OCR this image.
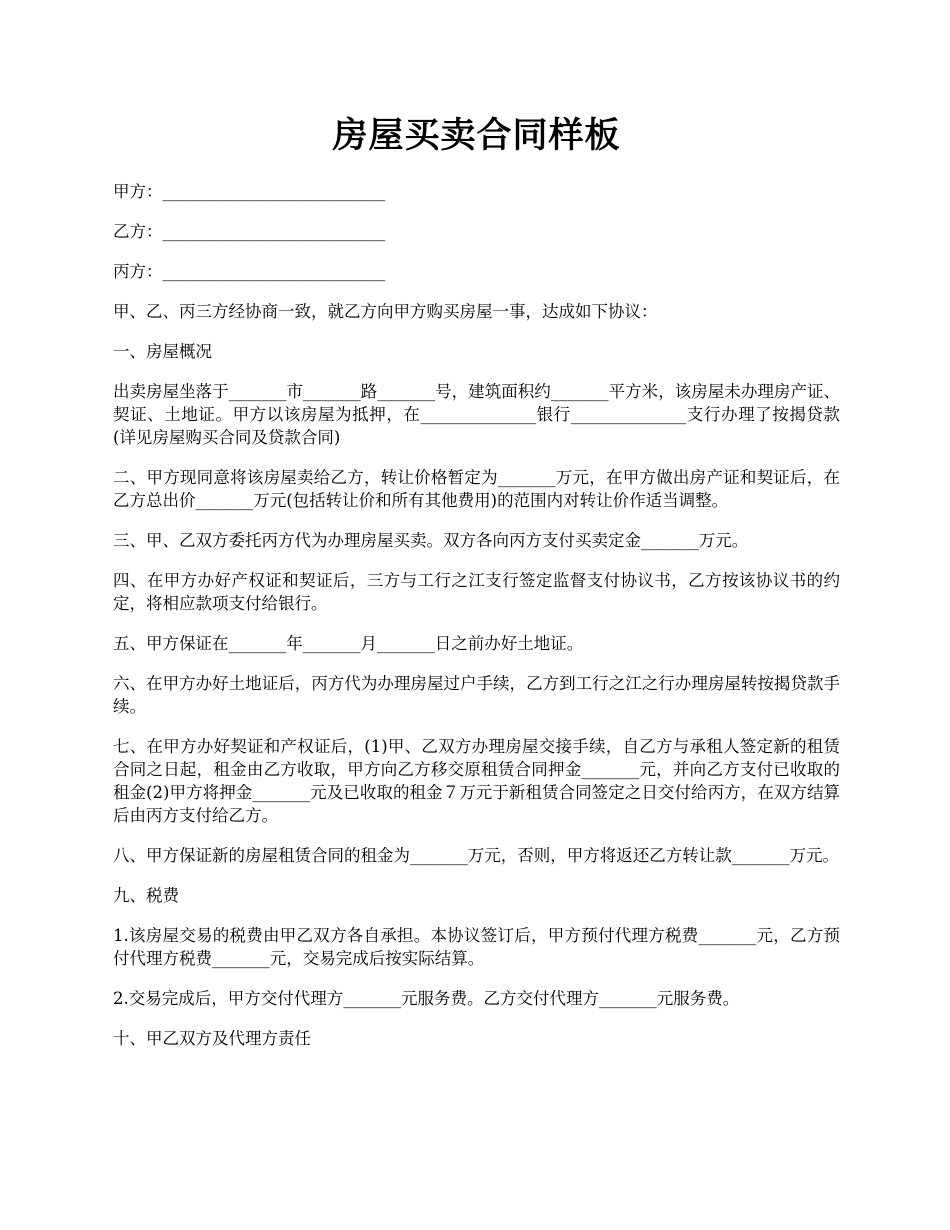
房屋买卖合同样板

甲方：___________________________

乙方：___________________________

丙方：___________________________

甲、乙、丙三方经协商一致，就乙方向甲方购买房屋一事，达成如下协议：

一、房屋概况

出卖房屋坐落于_______市_______路_______号，建筑面积约_______平方米，该房屋未办理房产证、契证、土地证。甲方以该房屋为抵押，在______________银行______________支行办理了按揭贷款(详见房屋购买合同及贷款合同)

二、甲方现同意将该房屋卖给乙方，转让价格暂定为_______万元，在甲方做出房产证和契证后，在乙方总出价_______万元(包括转让价和所有其他费用)的范围内对转让价作适当调整。

三、甲、乙双方委托丙方代为办理房屋买卖。双方各向丙方支付买卖定金_______万元。

四、在甲方办好产权证和契证后，三方与工行之江支行签定监督支付协议书，乙方按该协议书的约定，将相应款项支付给银行。

五、甲方保证在_______年_______月_______日之前办好土地证。

六、在甲方办好土地证后，丙方代为办理房屋过户手续，乙方到工行之江之行办理房屋转按揭贷款手续。

七、在甲方办好契证和产权证后，(1)甲、乙双方办理房屋交接手续，自乙方与承租人签定新的租赁合同之日起，租金由乙方收取，甲方向乙方移交原租赁合同押金_______元，并向乙方支付已收取的租金(2)甲方将押金_______元及已收取的租金７万元于新租赁合同签定之日交付给丙方，在双方结算后由丙方支付给乙方。

八、甲方保证新的房屋租赁合同的租金为_______万元，否则，甲方将返还乙方转让款_______万元。

九、税费

1.该房屋交易的税费由甲乙双方各自承担。本协议签订后，甲方预付代理方税费_______元，乙方预付代理方税费_______元，交易完成后按实际结算。

2.交易完成后，甲方交付代理方_______元服务费。乙方交付代理方_______元服务费。

十、甲乙双方及代理方责任
